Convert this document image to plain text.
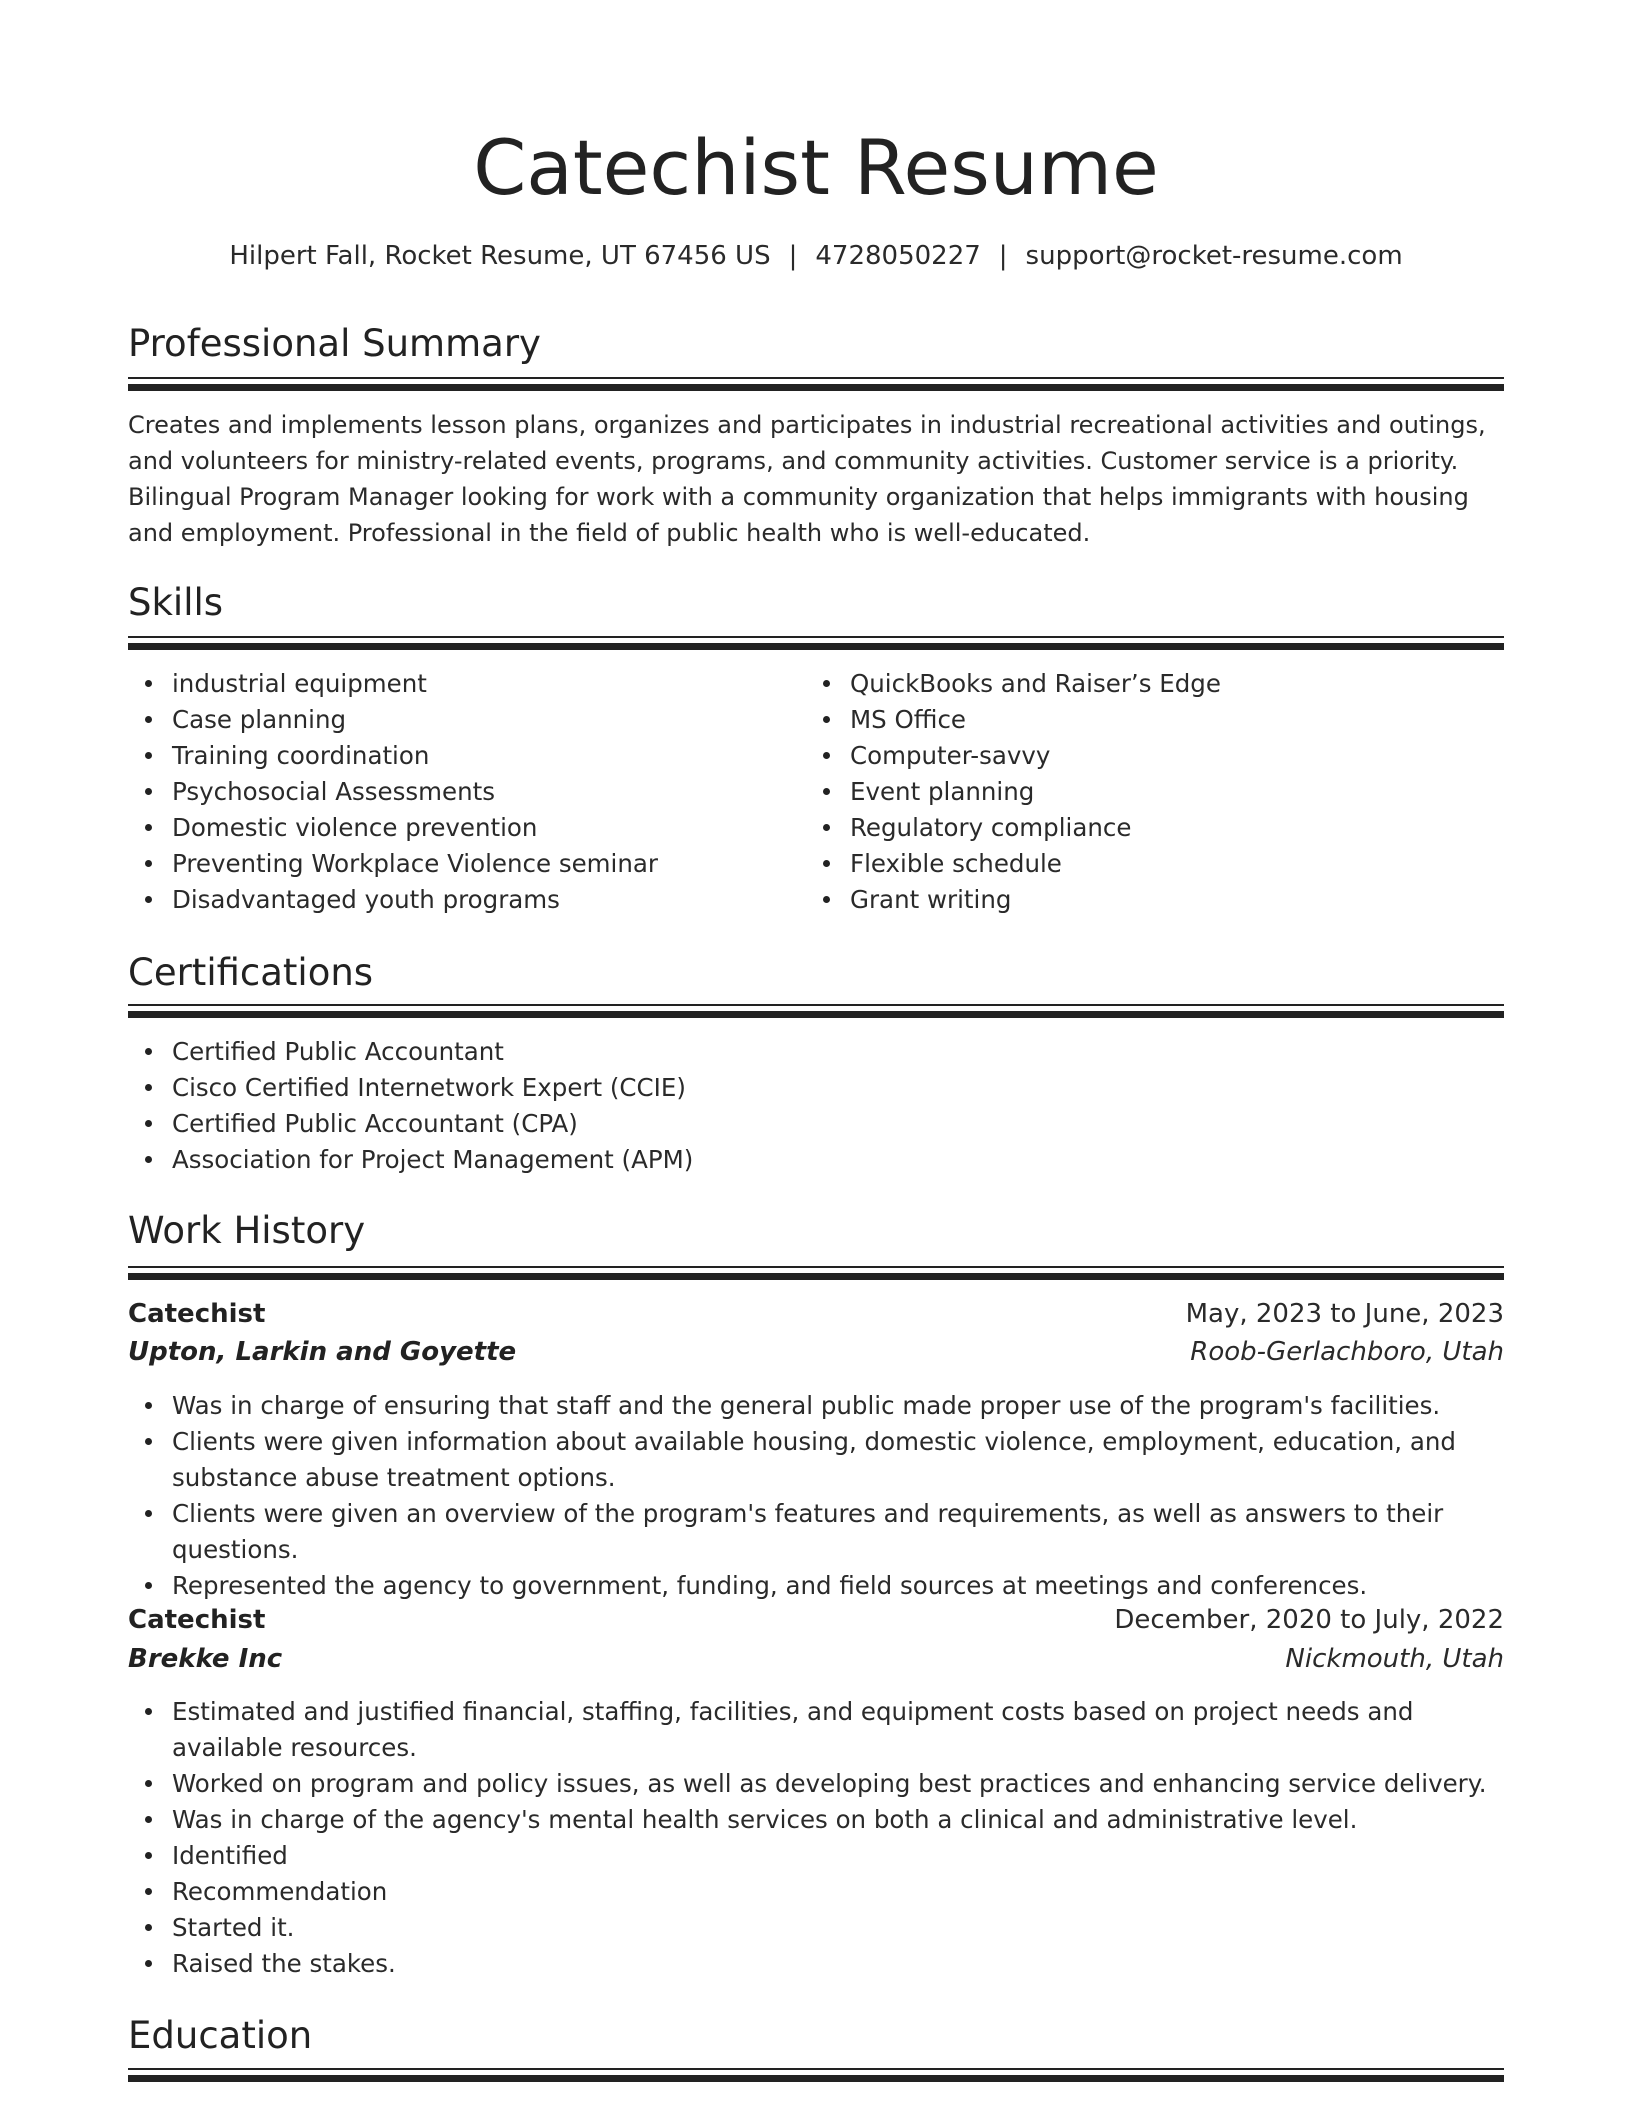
Catechist Resume
Hilpert Fall, Rocket Resume, UT 67456 US | 4728050227 | support@rocket-resume.com
Professional Summary

Creates and implements lesson plans, organizes and participates in industrial recreational activities and outings, and volunteers for ministry-related events, programs, and community activities. Customer service is a priority. Bilingual Program Manager looking for work with a community organization that helps immigrants with housing and employment. Professional in the field of public health who is well-educated.

Skills
industrial equipment
Case planning
Training coordination
Psychosocial Assessments
Domestic violence prevention
Preventing Workplace Violence seminar
Disadvantaged youth programs
QuickBooks and Raiser’s Edge
MS Office
Computer-savvy
Event planning
Regulatory compliance
Flexible schedule
Grant writing
Certifications
Certified Public Accountant
Cisco Certified Internetwork Expert (CCIE)
Certified Public Accountant (CPA)
Association for Project Management (APM)
Work History
Catechist	May, 2023 to June, 2023
Upton, Larkin and Goyette	Roob-Gerlachboro, Utah
Was in charge of ensuring that staff and the general public made proper use of the program's facilities.
Clients were given information about available housing, domestic violence, employment, education, and substance abuse treatment options.
Clients were given an overview of the program's features and requirements, as well as answers to their questions.
Represented the agency to government, funding, and field sources at meetings and conferences.
Catechist	December, 2020 to July, 2022
Brekke Inc	Nickmouth, Utah
Estimated and justified financial, staffing, facilities, and equipment costs based on project needs and available resources.
Worked on program and policy issues, as well as developing best practices and enhancing service delivery.
Was in charge of the agency's mental health services on both a clinical and administrative level.
Identified
Recommendation
Started it.
Raised the stakes.
Education
